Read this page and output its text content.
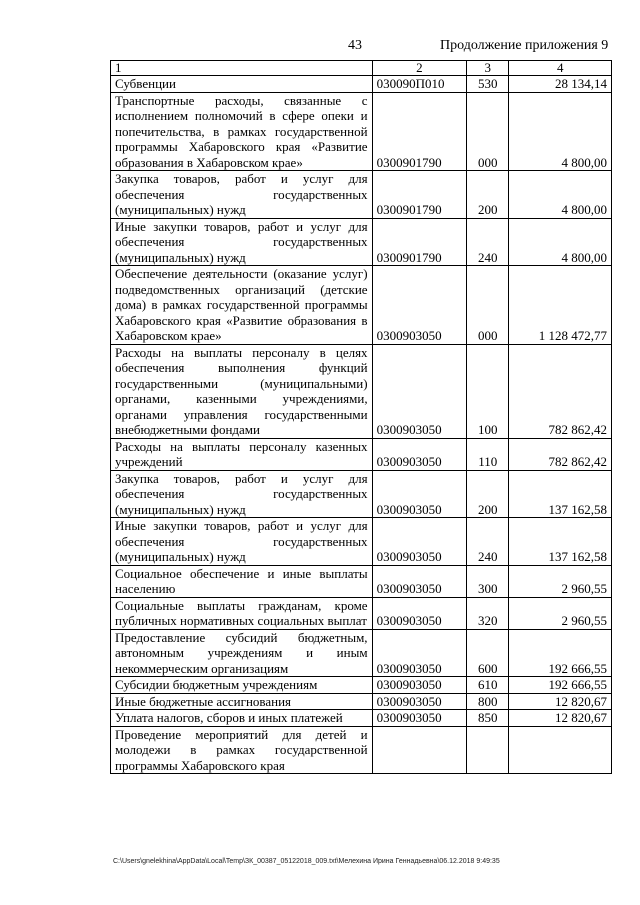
43	Продолжение приложения 9
1	2	3	4
Субвенции	030090П010	530	28 134,14
Транспортные расходы, связанные с исполнением полномочий в сфере опеки и попечительства, в рамках государственной программы Хабаровского края «Развитие образования в Хабаровском крае»	0300901790	000	4 800,00
Закупка товаров, работ и услуг для обеспечения государственных (муниципальных) нужд	0300901790	200	4 800,00
Иные закупки товаров, работ и услуг для обеспечения государственных (муниципальных) нужд	0300901790	240	4 800,00
Обеспечение деятельности (оказание услуг) подведомственных организаций (детские дома) в рамках государственной программы Хабаровского края «Развитие образования в Хабаровском крае»	0300903050	000	1 128 472,77
Расходы на выплаты персоналу в целях обеспечения выполнения функций государственными (муниципальными) органами, казенными учреждениями, органами управления государственными внебюджетными фондами	0300903050	100	782 862,42
Расходы на выплаты персоналу казенных учреждений	0300903050	110	782 862,42
Закупка товаров, работ и услуг для обеспечения государственных (муниципальных) нужд	0300903050	200	137 162,58
Иные закупки товаров, работ и услуг для обеспечения государственных (муниципальных) нужд	0300903050	240	137 162,58
Социальное обеспечение и иные выплаты населению	0300903050	300	2 960,55
Социальные выплаты гражданам, кроме публичных нормативных социальных выплат	0300903050	320	2 960,55
Предоставление субсидий бюджетным, автономным учреждениям и иным некоммерческим организациям	0300903050	600	192 666,55
Субсидии бюджетным учреждениям	0300903050	610	192 666,55
Иные бюджетные ассигнования	0300903050	800	12 820,67
Уплата налогов, сборов и иных платежей	0300903050	850	12 820,67
Проведение мероприятий для детей и молодежи в рамках государственной программы Хабаровского края			
C:\Users\gnelekhina\AppData\Local\Temp\ЗК_00387_05122018_009.txt\Мелехина Ирина Геннадьевна\06.12.2018 9:49:35
